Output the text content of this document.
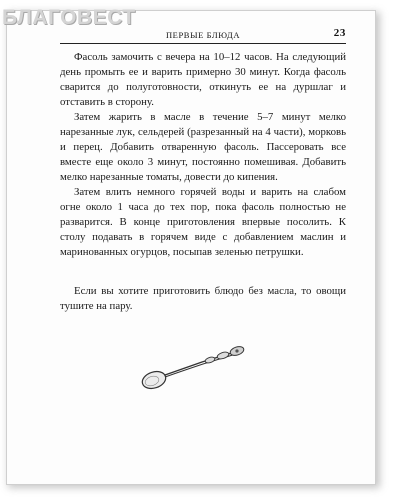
БЛАГОВЕСТ
ПЕРВЫЕ БЛЮДА	23

Фасоль замочить с вечера на 10–12 часов. На следующий день промыть ее и варить примерно 30 минут. Когда фасоль сварится до полуготовности, откинуть ее на дуршлаг и отставить в сторону.

Затем жарить в масле в течение 5–7 минут мелко нарезанные лук, сельдерей (разрезанный на 4 части), морковь и перец. Добавить отваренную фасоль. Пассеровать все вместе еще около 3 минут, постоянно помешивая. Добавить мелко нарезанные томаты, довести до кипения.

Затем влить немного горячей воды и варить на слабом огне около 1 часа до тех пор, пока фасоль полностью не разварится. В конце приготовления впервые посолить. К столу подавать в горячем виде с добавлением маслин и маринованных огурцов, посыпав зеленью петрушки.

Если вы хотите приготовить блюдо без масла, то овощи тушите на пару.
